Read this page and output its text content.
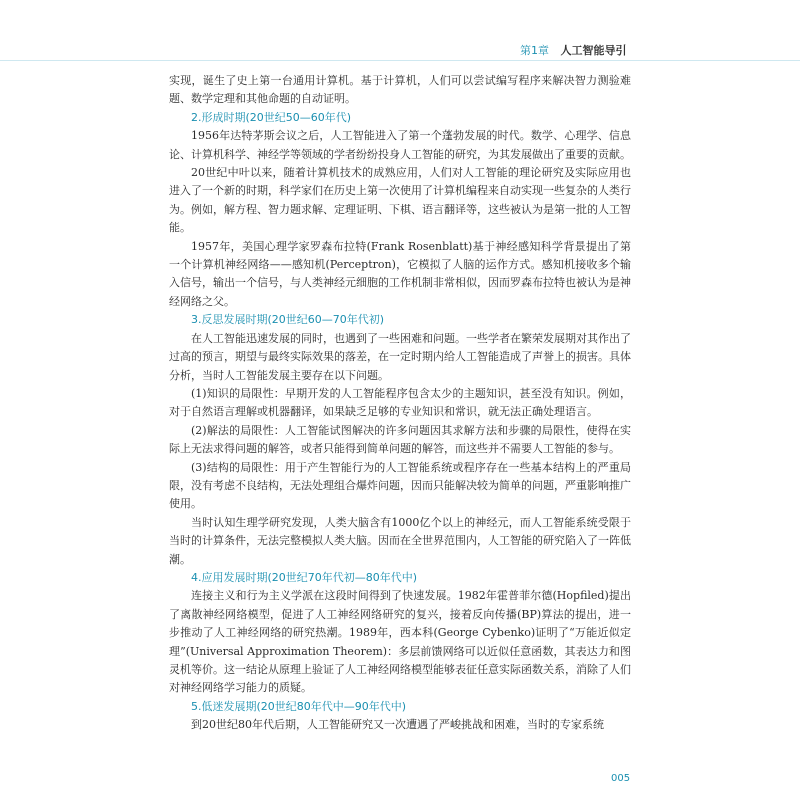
第1章 人工智能导引

实现，诞生了史上第一台通用计算机。基于计算机，人们可以尝试编写程序来解决智力测验难题、数学定理和其他命题的自动证明。

2.形成时期(20世纪50—60年代)

1956年达特茅斯会议之后，人工智能进入了第一个蓬勃发展的时代。数学、心理学、信息论、计算机科学、神经学等领域的学者纷纷投身人工智能的研究，为其发展做出了重要的贡献。

20世纪中叶以来，随着计算机技术的成熟应用，人们对人工智能的理论研究及实际应用也进入了一个新的时期，科学家们在历史上第一次使用了计算机编程来自动实现一些复杂的人类行为。例如，解方程、智力题求解、定理证明、下棋、语言翻译等，这些被认为是第一批的人工智能。

1957年，美国心理学家罗森布拉特(Frank Rosenblatt)基于神经感知科学背景提出了第一个计算机神经网络——感知机(Perceptron)，它模拟了人脑的运作方式。感知机接收多个输入信号，输出一个信号，与人类神经元细胞的工作机制非常相似，因而罗森布拉特也被认为是神经网络之父。

3.反思发展时期(20世纪60—70年代初)

在人工智能迅速发展的同时，也遇到了一些困难和问题。一些学者在繁荣发展期对其作出了过高的预言，期望与最终实际效果的落差，在一定时期内给人工智能造成了声誉上的损害。具体分析，当时人工智能发展主要存在以下问题。

(1)知识的局限性：早期开发的人工智能程序包含太少的主题知识，甚至没有知识。例如，对于自然语言理解或机器翻译，如果缺乏足够的专业知识和常识，就无法正确处理语言。

(2)解法的局限性：人工智能试图解决的许多问题因其求解方法和步骤的局限性，使得在实际上无法求得问题的解答，或者只能得到简单问题的解答，而这些并不需要人工智能的参与。

(3)结构的局限性：用于产生智能行为的人工智能系统或程序存在一些基本结构上的严重局限，没有考虑不良结构，无法处理组合爆炸问题，因而只能解决较为简单的问题，严重影响推广使用。

当时认知生理学研究发现，人类大脑含有1000亿个以上的神经元，而人工智能系统受限于当时的计算条件，无法完整模拟人类大脑。因而在全世界范围内，人工智能的研究陷入了一阵低潮。

4.应用发展时期(20世纪70年代初—80年代中)

连接主义和行为主义学派在这段时间得到了快速发展。1982年霍普菲尔德(Hopfiled)提出了离散神经网络模型，促进了人工神经网络研究的复兴，接着反向传播(BP)算法的提出，进一步推动了人工神经网络的研究热潮。1989年，西本科(George Cybenko)证明了“万能近似定理”(Universal Approximation Theorem)：多层前馈网络可以近似任意函数，其表达力和图灵机等价。这一结论从原理上验证了人工神经网络模型能够表征任意实际函数关系，消除了人们对神经网络学习能力的质疑。

5.低迷发展期(20世纪80年代中—90年代中)

到20世纪80年代后期，人工智能研究又一次遭遇了严峻挑战和困难，当时的专家系统

005
